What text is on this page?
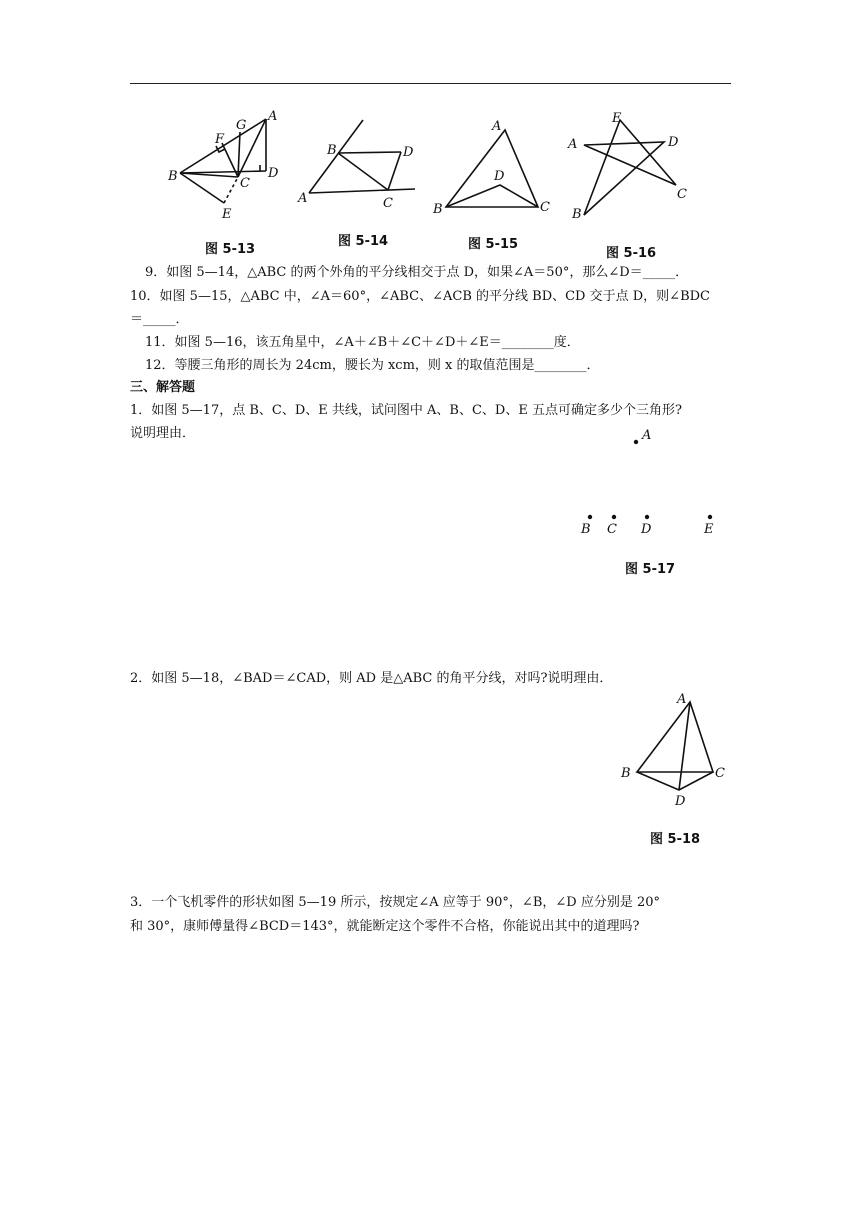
A
G
F
B	C
D
E
图 5-13
B	D
A	C
图 5-14
A
D
B	C
图 5-15
E
A	D
C
B
图 5-16
9．如图 5—14，△ABC 的两个外角的平分线相交于点 D，如果∠A＝50°，那么∠D＝_____．
10．如图 5—15，△ABC 中，∠A＝60°，∠ABC、∠ACB 的平分线 BD、CD 交于点 D，则∠BDC
＝_____．
11．如图 5—16，该五角星中，∠A＋∠B＋∠C＋∠D＋∠E＝________度．
12．等腰三角形的周长为 24cm，腰长为 xcm，则 x 的取值范围是________．
三、解答题
1．如图 5—17，点 B、C、D、E 共线，试问图中 A、B、C、D、E 五点可确定多少个三角形?
说明理由．	A
B C D	E
图 5-17
2．如图 5—18，∠BAD＝∠CAD，则 AD 是△ABC 的角平分线，对吗?说明理由．
A
B	C
D
图 5-18
3．一个飞机零件的形状如图 5—19 所示，按规定∠A 应等于 90°，∠B，∠D 应分别是 20°
和 30°，康师傅量得∠BCD＝143°，就能断定这个零件不合格，你能说出其中的道理吗?
